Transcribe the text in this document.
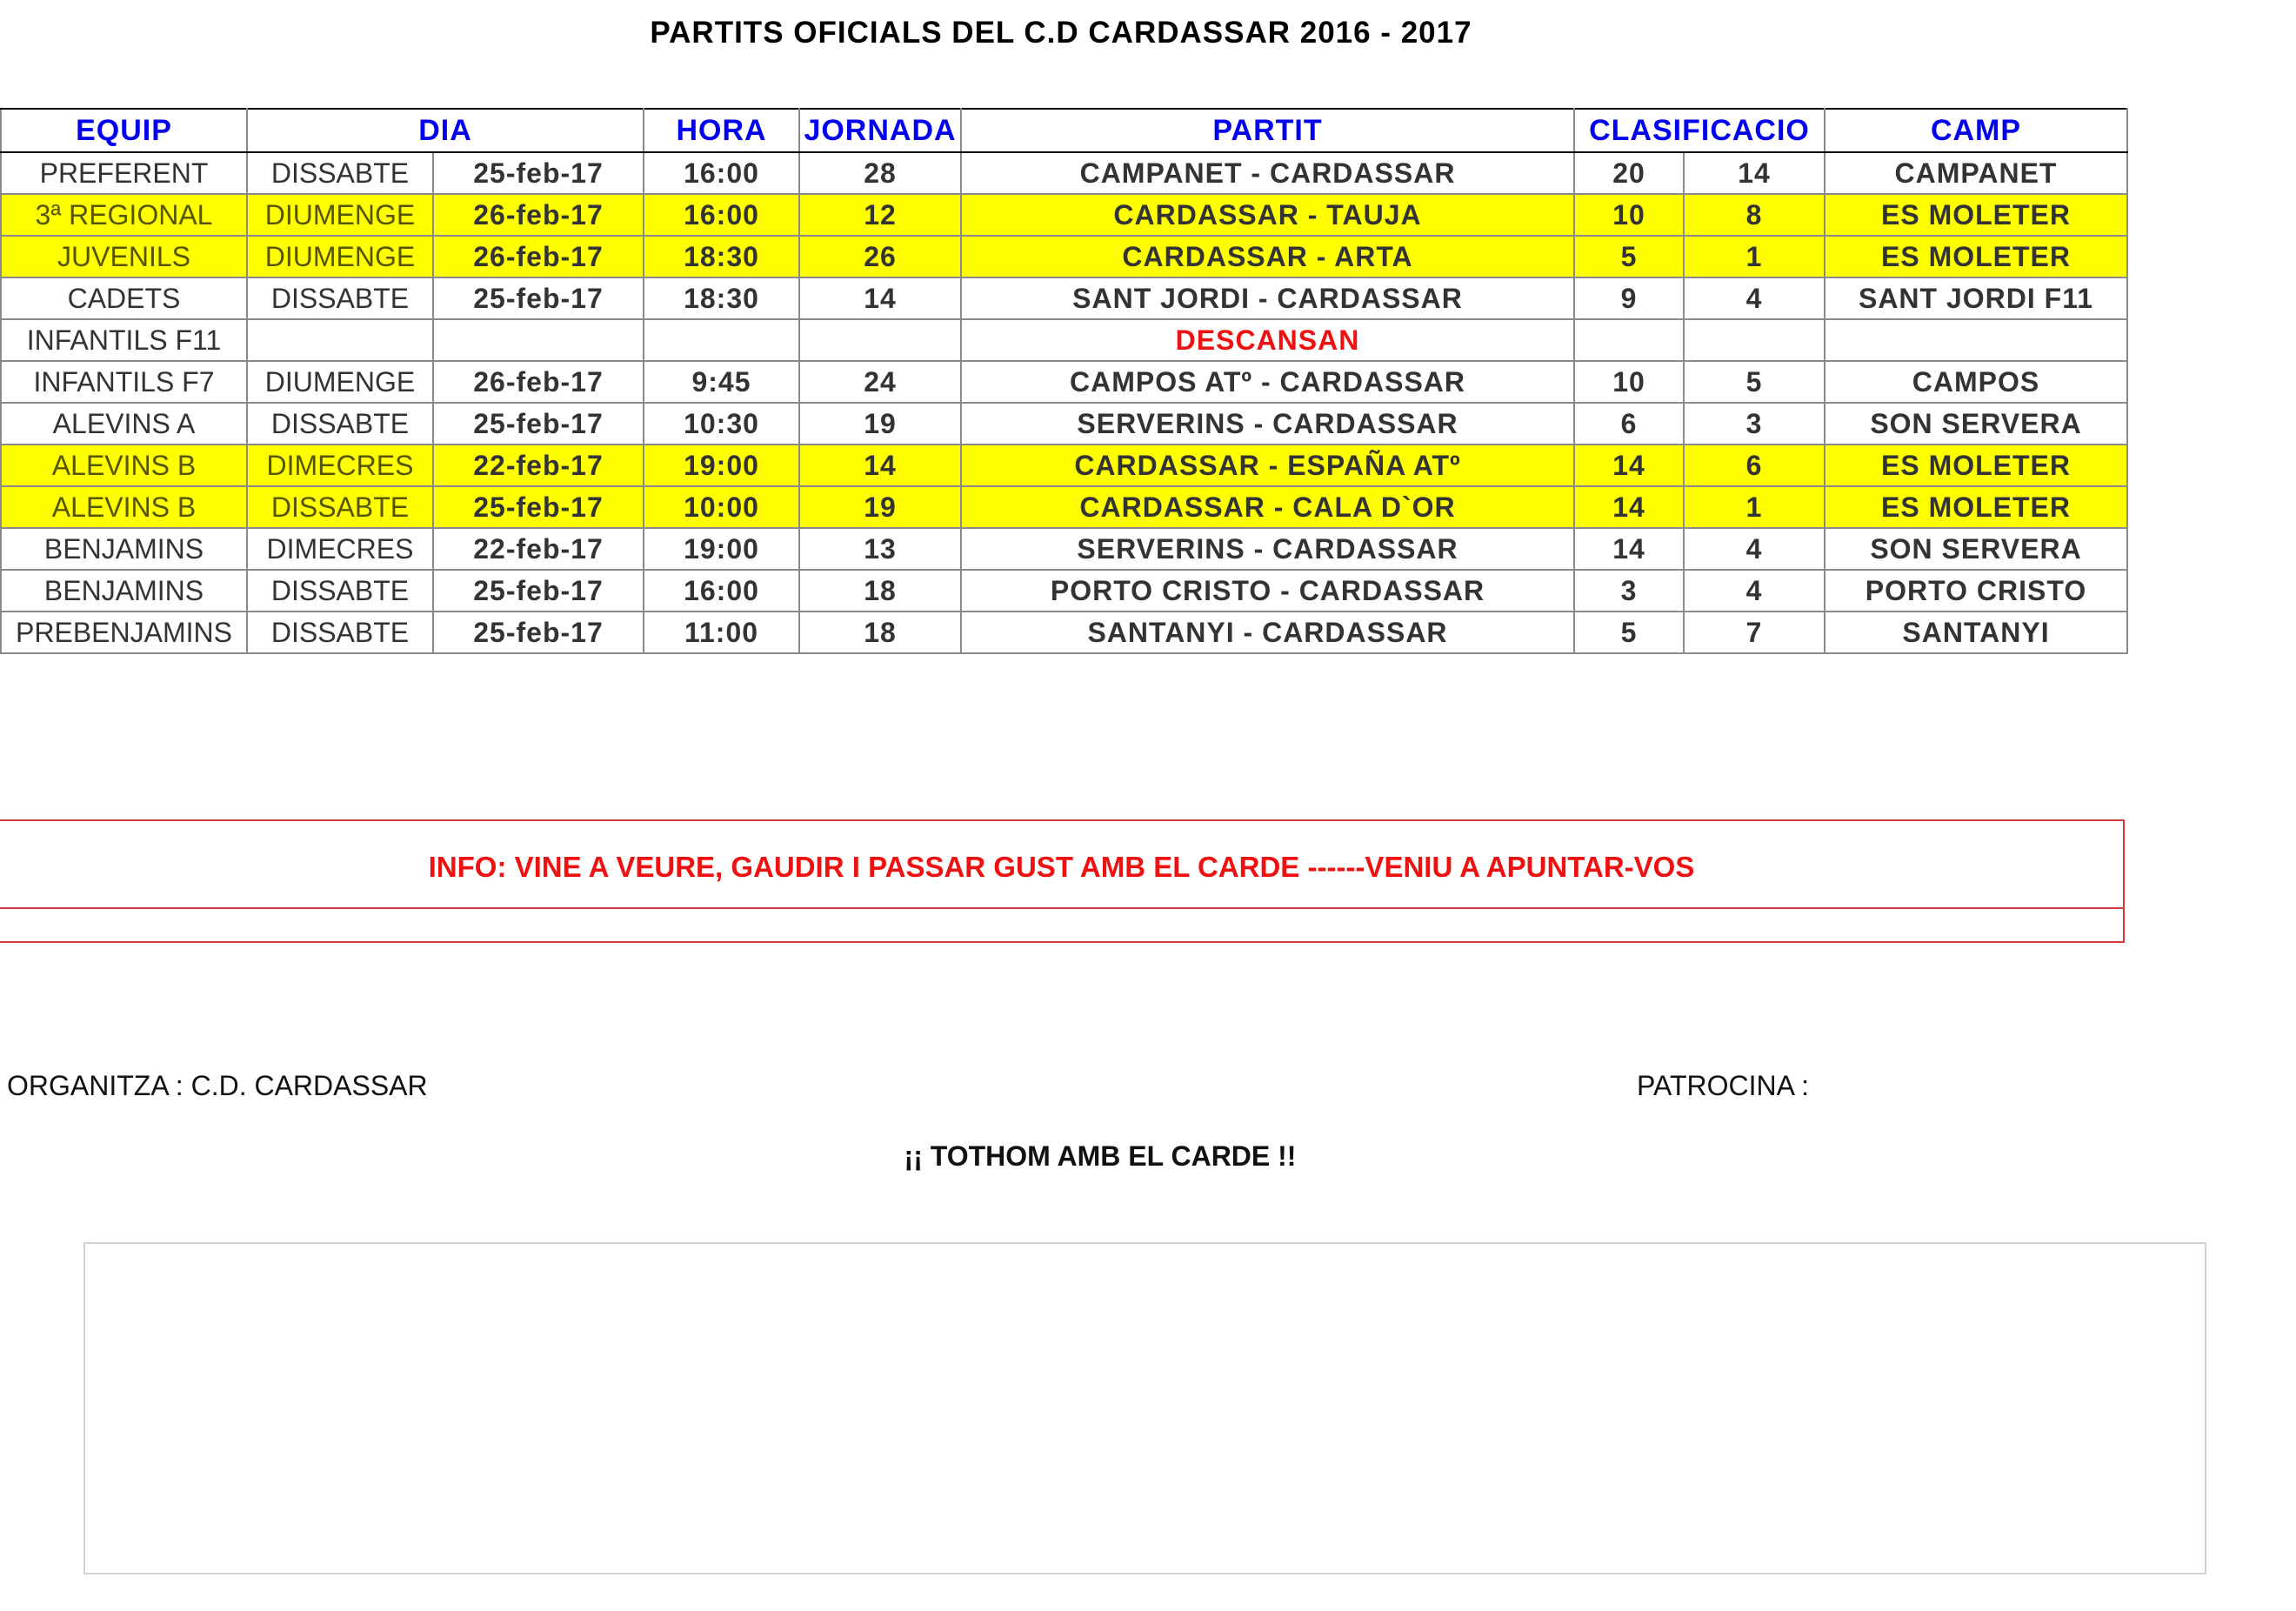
PARTITS OFICIALS DEL C.D CARDASSAR 2016 - 2017
EQUIP	DIA		HORA	JORNADA	PARTIT	CLASIFICACIO		CAMP
PREFERENT	DISSABTE	25-feb-17	16:00	28	CAMPANET - CARDASSAR	20	14	CAMPANET
3ª REGIONAL	DIUMENGE	26-feb-17	16:00	12	CARDASSAR - TAUJA	10	8	ES MOLETER
JUVENILS	DIUMENGE	26-feb-17	18:30	26	CARDASSAR - ARTA	5	1	ES MOLETER
CADETS	DISSABTE	25-feb-17	18:30	14	SANT JORDI - CARDASSAR	9	4	SANT JORDI F11
INFANTILS F11					DESCANSAN			
INFANTILS F7	DIUMENGE	26-feb-17	9:45	24	CAMPOS ATº - CARDASSAR	10	5	CAMPOS
ALEVINS A	DISSABTE	25-feb-17	10:30	19	SERVERINS - CARDASSAR	6	3	SON SERVERA
ALEVINS B	DIMECRES	22-feb-17	19:00	14	CARDASSAR - ESPAÑA ATº	14	6	ES MOLETER
ALEVINS B	DISSABTE	25-feb-17	10:00	19	CARDASSAR - CALA D`OR	14	1	ES MOLETER
BENJAMINS	DIMECRES	22-feb-17	19:00	13	SERVERINS - CARDASSAR	14	4	SON SERVERA
BENJAMINS	DISSABTE	25-feb-17	16:00	18	PORTO CRISTO - CARDASSAR	3	4	PORTO CRISTO
PREBENJAMINS	DISSABTE	25-feb-17	11:00	18	SANTANYI - CARDASSAR	5	7	SANTANYI
INFO: VINE A VEURE, GAUDIR I PASSAR GUST AMB EL CARDE ------VENIU A APUNTAR-VOS
ORGANITZA : C.D. CARDASSAR	PATROCINA :
¡¡ TOTHOM AMB EL CARDE !!
